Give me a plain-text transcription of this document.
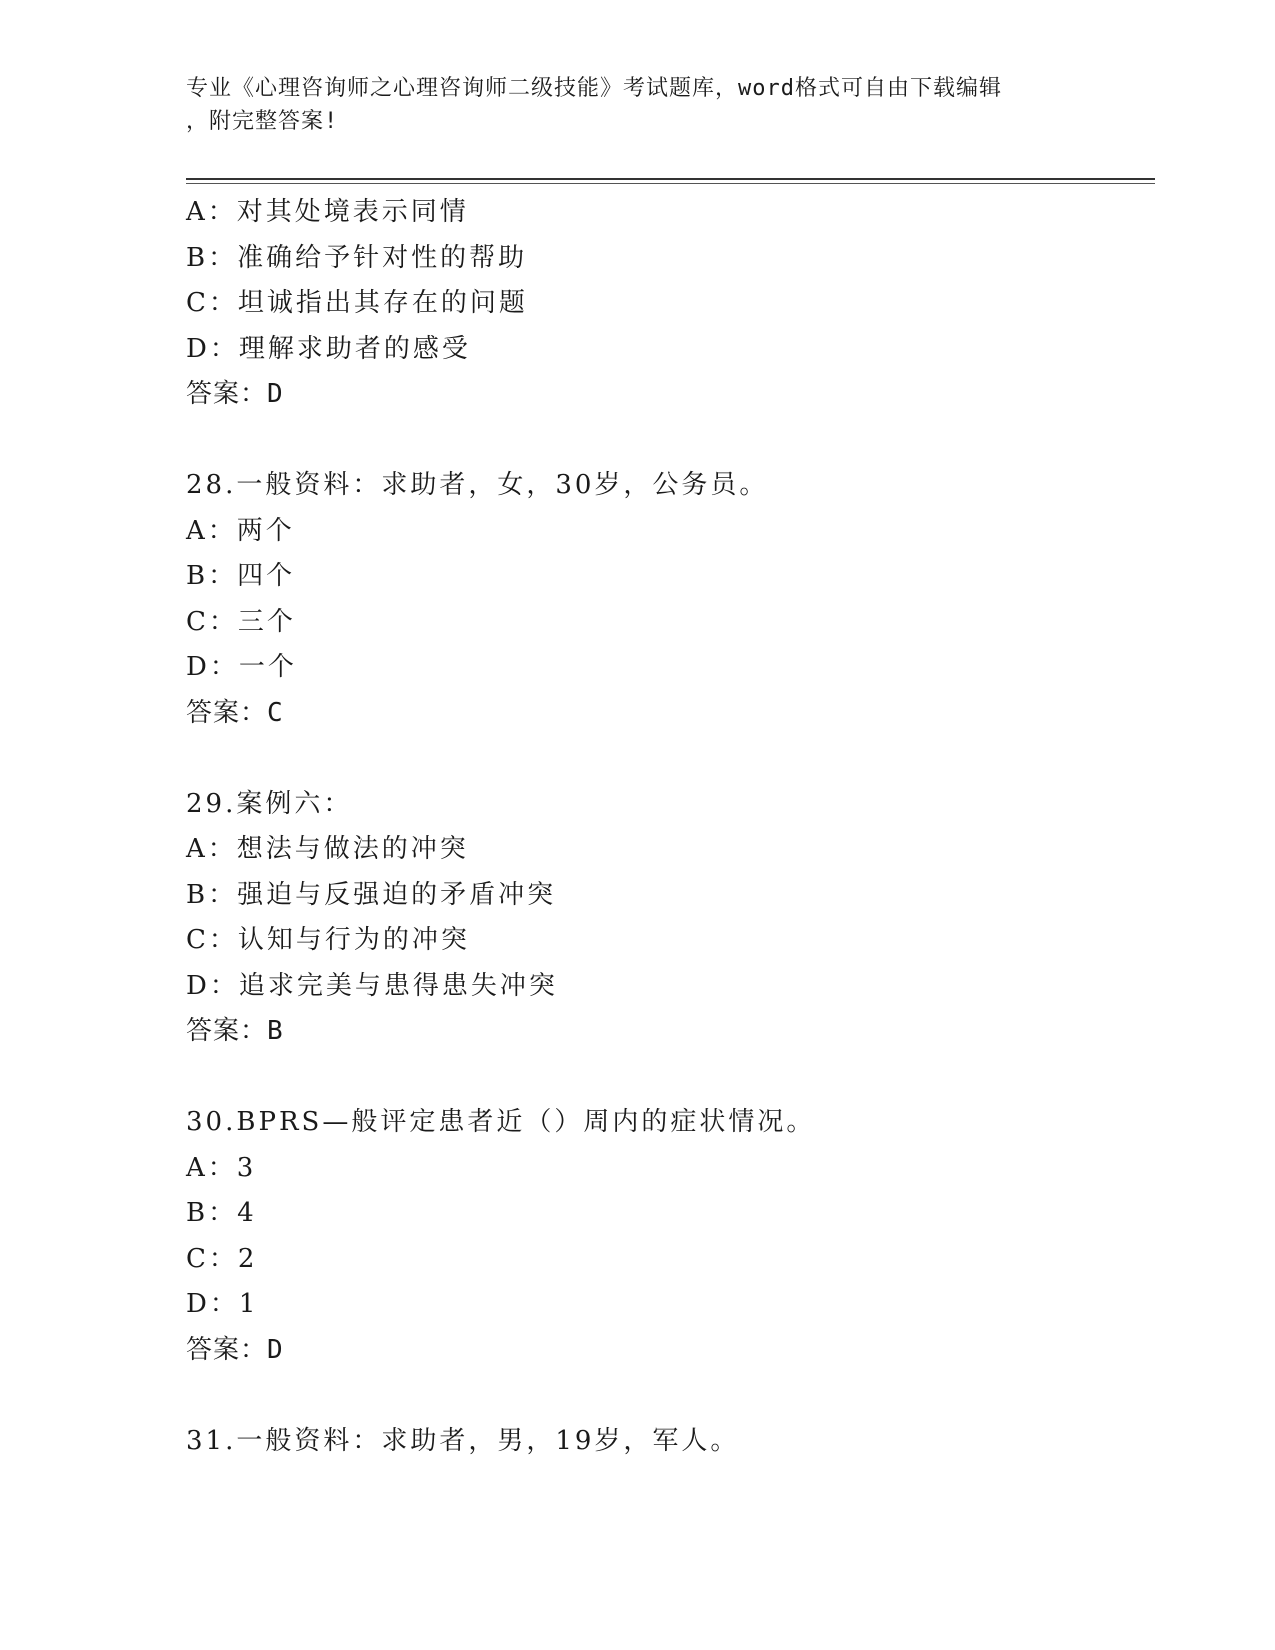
专业《心理咨询师之心理咨询师二级技能》考试题库，word格式可自由下载编辑
，附完整答案!
A：对其处境表示同情
B：准确给予针对性的帮助
C：坦诚指出其存在的问题
D：理解求助者的感受
答案：D
28.一般资料：求助者，女，30岁，公务员。
A：两个
B：四个
C：三个
D：一个
答案：C
29.案例六：
A：想法与做法的冲突
B：强迫与反强迫的矛盾冲突
C：认知与行为的冲突
D：追求完美与患得患失冲突
答案：B
30.BPRS—般评定患者近（）周内的症状情况。
A：3
B：4
C：2
D：1
答案：D
31.一般资料：求助者，男，19岁，军人。
